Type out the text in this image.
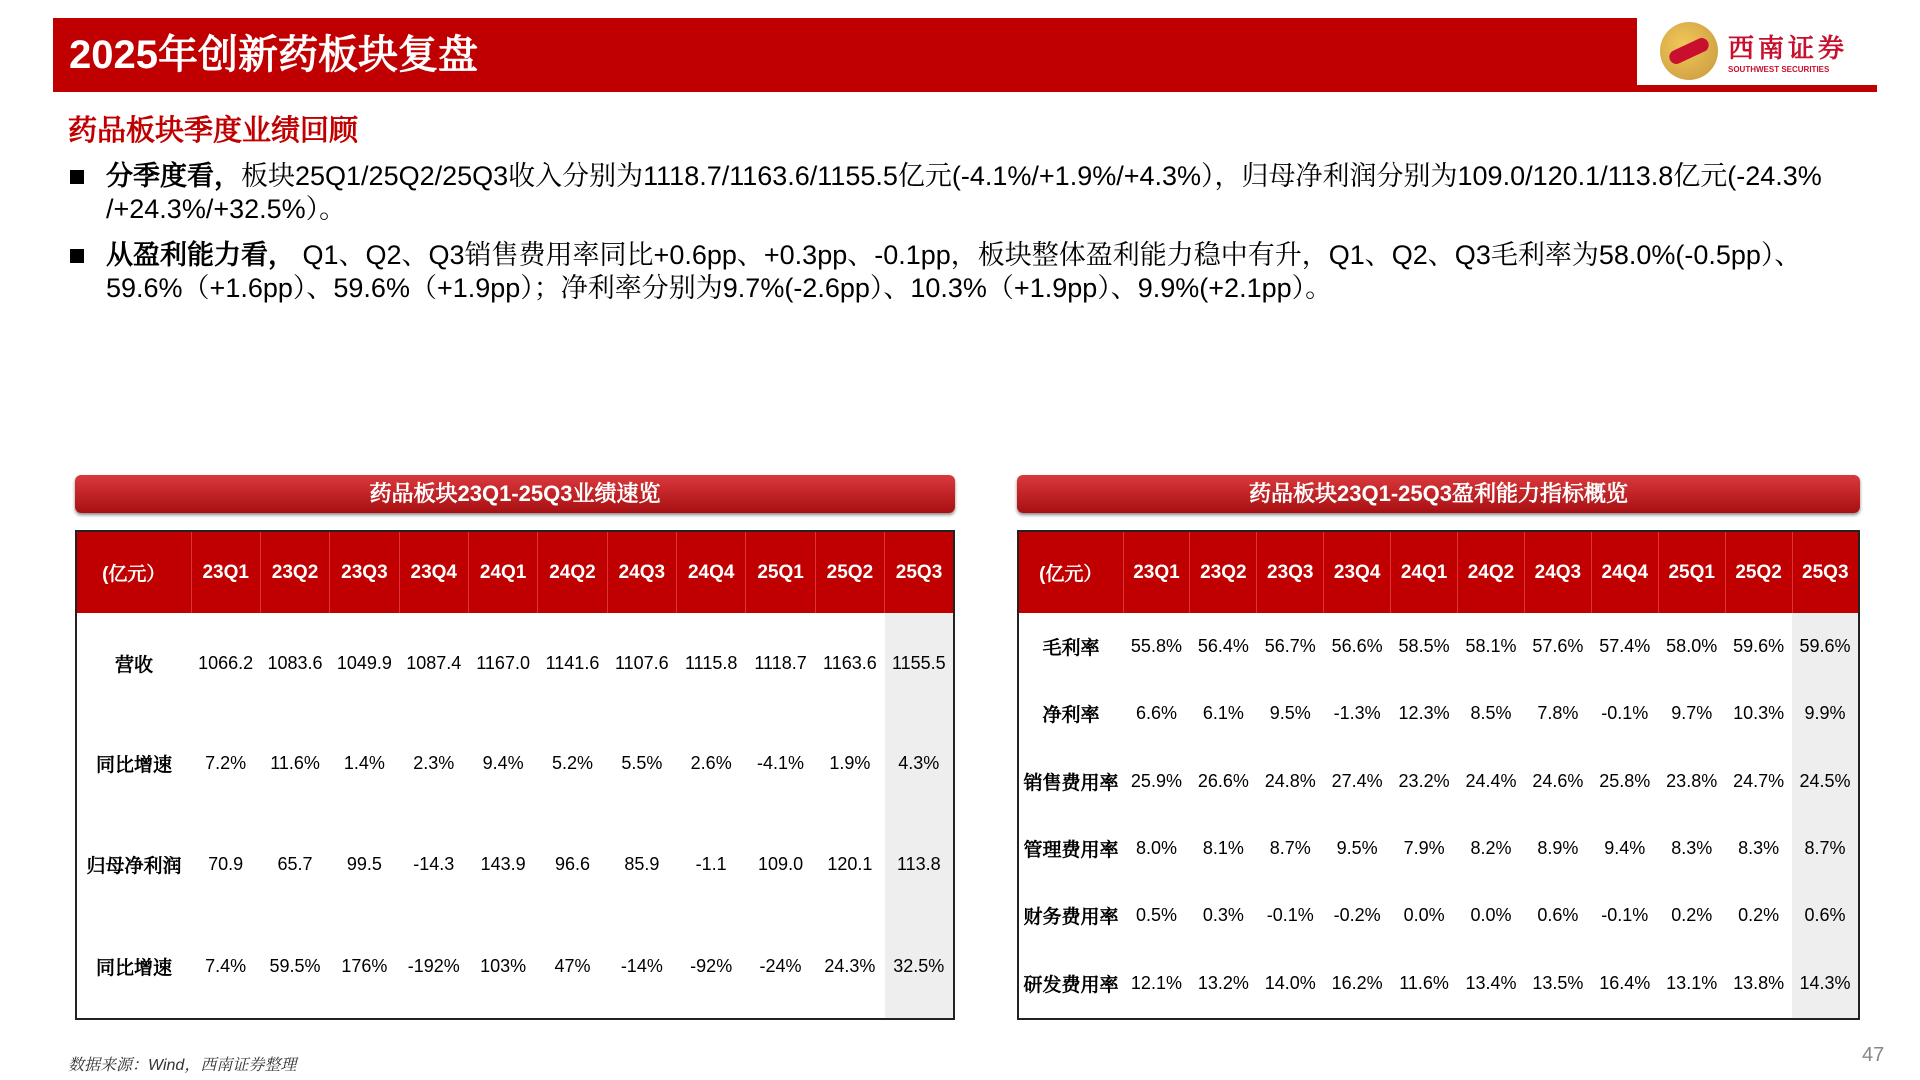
2025年创新药板块复盘	西南证券
SOUTHWEST SECURITIES
药品板块季度业绩回顾
分季度看，板块25Q1/25Q2/25Q3收入分别为1118.7/1163.6/1155.5亿元(-4.1%/+1.9%/+4.3%），归母净利润分别为109.0/120.1/113.8亿元(-24.3% /+24.3%/+32.5%）。
从盈利能力看， Q1、Q2、Q3销售费用率同比+0.6pp、+0.3pp、-0.1pp，板块整体盈利能力稳中有升，Q1、Q2、Q3毛利率为58.0%(-0.5pp）、59.6%（+1.6pp）、59.6%（+1.9pp）；净利率分别为9.7%(-2.6pp）、10.3%（+1.9pp）、9.9%(+2.1pp）。
药品板块23Q1-25Q3业绩速览
(亿元）	23Q1	23Q2	23Q3	23Q4	24Q1	24Q2	24Q3	24Q4	25Q1	25Q2	25Q3
营收	1066.2	1083.6	1049.9	1087.4	1167.0	1141.6	1107.6	1115.8	1118.7	1163.6	1155.5
同比增速	7.2%	11.6%	1.4%	2.3%	9.4%	5.2%	5.5%	2.6%	-4.1%	1.9%	4.3%
归母净利润	70.9	65.7	99.5	-14.3	143.9	96.6	85.9	-1.1	109.0	120.1	113.8
同比增速	7.4%	59.5%	176%	-192%	103%	47%	-14%	-92%	-24%	24.3%	32.5%
药品板块23Q1-25Q3盈利能力指标概览
(亿元）	23Q1	23Q2	23Q3	23Q4	24Q1	24Q2	24Q3	24Q4	25Q1	25Q2	25Q3
毛利率	55.8%	56.4%	56.7%	56.6%	58.5%	58.1%	57.6%	57.4%	58.0%	59.6%	59.6%
净利率	6.6%	6.1%	9.5%	-1.3%	12.3%	8.5%	7.8%	-0.1%	9.7%	10.3%	9.9%
销售费用率	25.9%	26.6%	24.8%	27.4%	23.2%	24.4%	24.6%	25.8%	23.8%	24.7%	24.5%
管理费用率	8.0%	8.1%	8.7%	9.5%	7.9%	8.2%	8.9%	9.4%	8.3%	8.3%	8.7%
财务费用率	0.5%	0.3%	-0.1%	-0.2%	0.0%	0.0%	0.6%	-0.1%	0.2%	0.2%	0.6%
研发费用率	12.1%	13.2%	14.0%	16.2%	11.6%	13.4%	13.5%	16.4%	13.1%	13.8%	14.3%
数据来源：Wind，西南证券整理	47
